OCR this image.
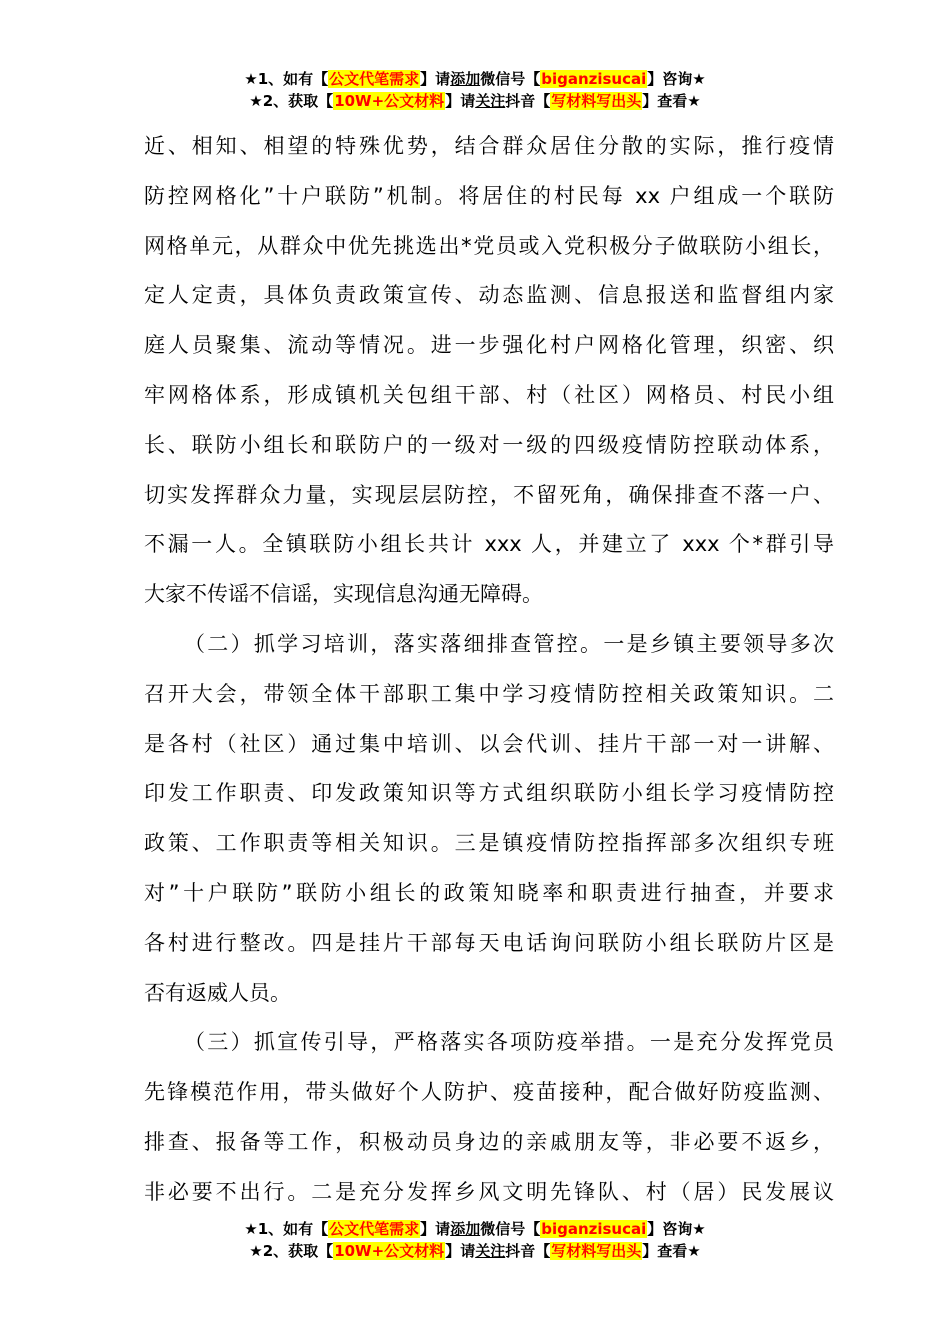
★1、如有【公文代笔需求】请添加微信号【biganzisucai】咨询★
★2、获取【10W+公文材料】请关注抖音【写材料写出头】查看★
近、相知、相望的特殊优势，结合群众居住分散的实际，推行疫情
防控网格化”十户联防”机制。将居住的村民每 xx 户组成一个联防
网格单元，从群众中优先挑选出*党员或入党积极分子做联防小组长，
定人定责，具体负责政策宣传、动态监测、信息报送和监督组内家
庭人员聚集、流动等情况。进一步强化村户网格化管理，织密、织
牢网格体系，形成镇机关包组干部、村（社区）网格员、村民小组
长、联防小组长和联防户的一级对一级的四级疫情防控联动体系，
切实发挥群众力量，实现层层防控，不留死角，确保排查不落一户、
不漏一人。全镇联防小组长共计 xxx 人，并建立了 xxx 个*群引导
大家不传谣不信谣，实现信息沟通无障碍。
（二）抓学习培训，落实落细排查管控。一是乡镇主要领导多次
召开大会，带领全体干部职工集中学习疫情防控相关政策知识。二
是各村（社区）通过集中培训、以会代训、挂片干部一对一讲解、
印发工作职责、印发政策知识等方式组织联防小组长学习疫情防控
政策、工作职责等相关知识。三是镇疫情防控指挥部多次组织专班
对”十户联防”联防小组长的政策知晓率和职责进行抽查，并要求
各村进行整改。四是挂片干部每天电话询问联防小组长联防片区是
否有返威人员。
（三）抓宣传引导，严格落实各项防疫举措。一是充分发挥党员
先锋模范作用，带头做好个人防护、疫苗接种，配合做好防疫监测、
排查、报备等工作，积极动员身边的亲戚朋友等，非必要不返乡，
非必要不出行。二是充分发挥乡风文明先锋队、村（居）民发展议
★1、如有【公文代笔需求】请添加微信号【biganzisucai】咨询★
★2、获取【10W+公文材料】请关注抖音【写材料写出头】查看★
